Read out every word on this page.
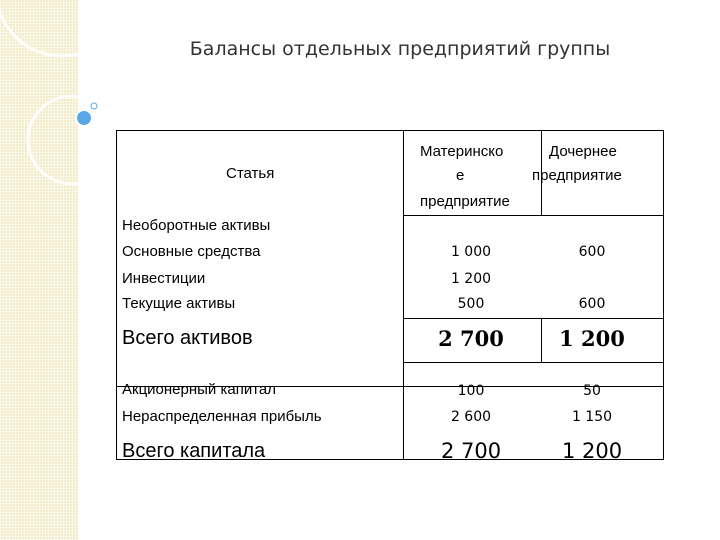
Балансы отдельных предприятий группы
Статья
Материнско
е
предприятие
Дочернее
предприятие
Необоротные активы
Основные средства
Инвестиции
Текущие активы
Всего активов
Акционерный капитал
Нераспределенная прибыль
Всего капитала
1 000
1 200
500
2 700
100
2 600
2 700
600
600
1 200
50
1 150
1 200
